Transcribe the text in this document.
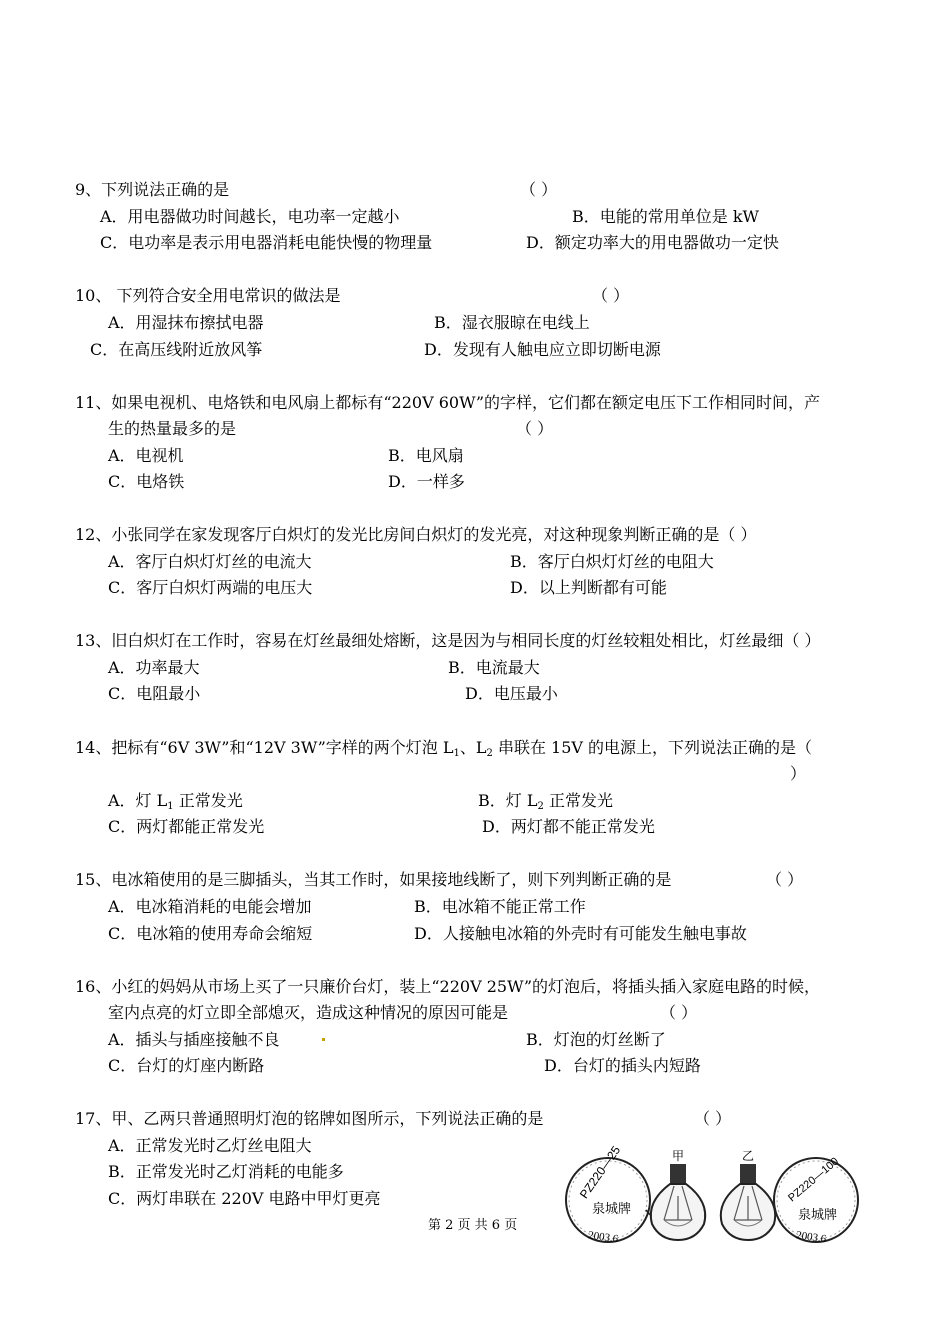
9、下列说法正确的是	（ ）
A．用电器做功时间越长，电功率一定越小	B．电能的常用单位是 kW
C．电功率是表示用电器消耗电能快慢的物理量	D．额定功率大的用电器做功一定快
10、 下列符合安全用电常识的做法是	（ ）
A．用湿抹布擦拭电器	B．湿衣服晾在电线上
C．在高压线附近放风筝	D．发现有人触电应立即切断电源
11、如果电视机、电烙铁和电风扇上都标有“220V 60W”的字样，它们都在额定电压下工作相同时间，产
生的热量最多的是	（ ）
A．电视机	B．电风扇
C．电烙铁	D．一样多
12、小张同学在家发现客厅白炽灯的发光比房间白炽灯的发光亮，对这种现象判断正确的是（ ）
A．客厅白炽灯灯丝的电流大	B．客厅白炽灯灯丝的电阻大
C．客厅白炽灯两端的电压大	D．以上判断都有可能
13、旧白炽灯在工作时，容易在灯丝最细处熔断，这是因为与相同长度的灯丝较粗处相比，灯丝最细（ ）
A．功率最大	B．电流最大
C．电阻最小	D．电压最小
14、把标有“6V 3W”和“12V 3W”字样的两个灯泡 $L_1$、$L_2$ 串联在 15V 的电源上，下列说法正确的是（
）
A．灯 $L_1$ 正常发光	B．灯 $L_2$ 正常发光
C．两灯都能正常发光	D．两灯都不能正常发光
15、电冰箱使用的是三脚插头，当其工作时，如果接地线断了，则下列判断正确的是	（ ）
A．电冰箱消耗的电能会增加	B．电冰箱不能正常工作
C．电冰箱的使用寿命会缩短	D．人接触电冰箱的外壳时有可能发生触电事故
16、小红的妈妈从市场上买了一只廉价台灯，装上“220V 25W”的灯泡后，将插头插入家庭电路的时候，
室内点亮的灯立即全部熄灭，造成这种情况的原因可能是	（ ）
A．插头与插座接触不良	B．灯泡的灯丝断了
C．台灯的灯座内断路	D．台灯的插头内短路
17、甲、乙两只普通照明灯泡的铭牌如图所示，下列说法正确的是	（ ）
A．正常发光时乙灯丝电阻大
B．正常发光时乙灯消耗的电能多
C．两灯串联在 220V 电路中甲灯更亮
第 2 页 共 6 页
PZ220—25
泉城牌
2003.6
甲	乙	PZ220—100
泉城牌
2003.6
